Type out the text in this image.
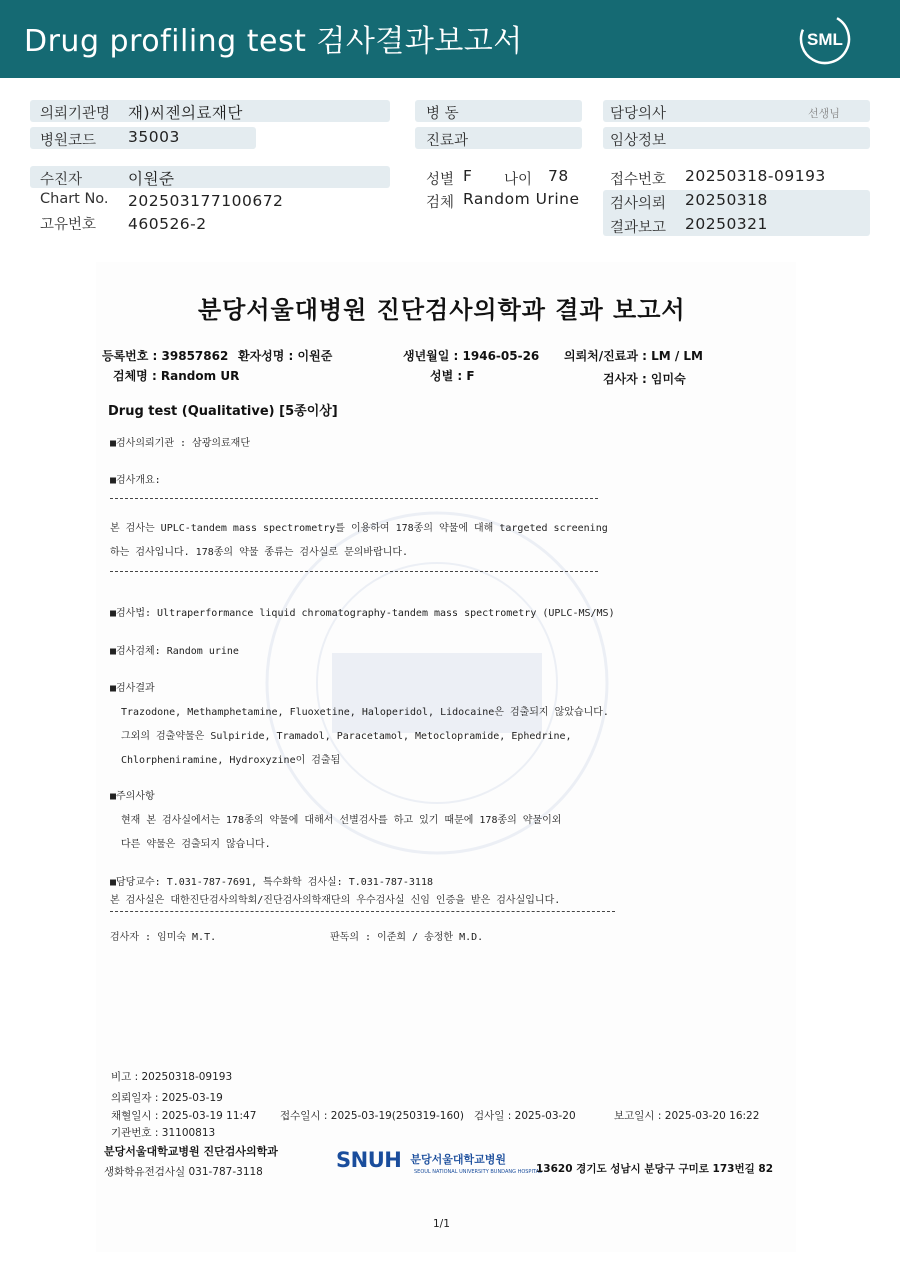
Drug profiling test 검사결과보고서	SML
의뢰기관명 재)씨젠의료재단
병원코드 35003
병 동
진료과
담당의사	선생님
임상정보
수진자	이원준
Chart No. 202503177100672
고유번호 460526-2
성별 F 나이 78
검체 Random Urine
접수번호 20250318-09193
검사의뢰 20250318
결과보고 20250321
분당서울대병원 진단검사의학과 결과 보고서
등록번호 : 39857862 환자성명 : 이원준	생년월일 : 1946-05-26 의뢰처/진료과 : LM / LM
검체명 : Random UR	성별 : F	검사자 : 임미숙
Drug test (Qualitative) [5종이상]
■검사의뢰기관 : 삼광의료재단
■검사개요:
본 검사는 UPLC-tandem mass spectrometry를 이용하여 178종의 약물에 대해 targeted screening
하는 검사입니다. 178종의 약물 종류는 검사실로 문의바랍니다.
■검사법: Ultraperformance liquid chromatography-tandem mass spectrometry (UPLC-MS/MS)
■검사검체: Random urine
■검사결과
Trazodone, Methamphetamine, Fluoxetine, Haloperidol, Lidocaine은 검출되지 않았습니다.
그외의 검출약물은 Sulpiride, Tramadol, Paracetamol, Metoclopramide, Ephedrine,
Chlorpheniramine, Hydroxyzine이 검출됨
■주의사항
현재 본 검사실에서는 178종의 약물에 대해서 선별검사를 하고 있기 때문에 178종의 약물이외
다른 약물은 검출되지 않습니다.
■담당교수: T.031-787-7691, 특수화학 검사실: T.031-787-3118
본 검사실은 대한진단검사의학회/진단검사의학재단의 우수검사실 신임 인증을 받은 검사실입니다.
검사자 : 임미숙 M.T.	판독의 : 이준희 / 송정한 M.D.
비고 : 20250318-09193
의뢰일자 : 2025-03-19
채혈일시 : 2025-03-19 11:47 접수일시 : 2025-03-19(250319-160) 검사일 : 2025-03-20	보고일시 : 2025-03-20 16:22
기관번호 : 31100813
분당서울대학교병원 진단검사의학과
생화학유전검사실 031-787-3118	SNUH $^{분당서울대학교병원}$
SEOUL NATIONAL UNIVERSITY BUNDANG HOSPITAL
13620 경기도 성남시 분당구 구미로 173번길 82
1/1
